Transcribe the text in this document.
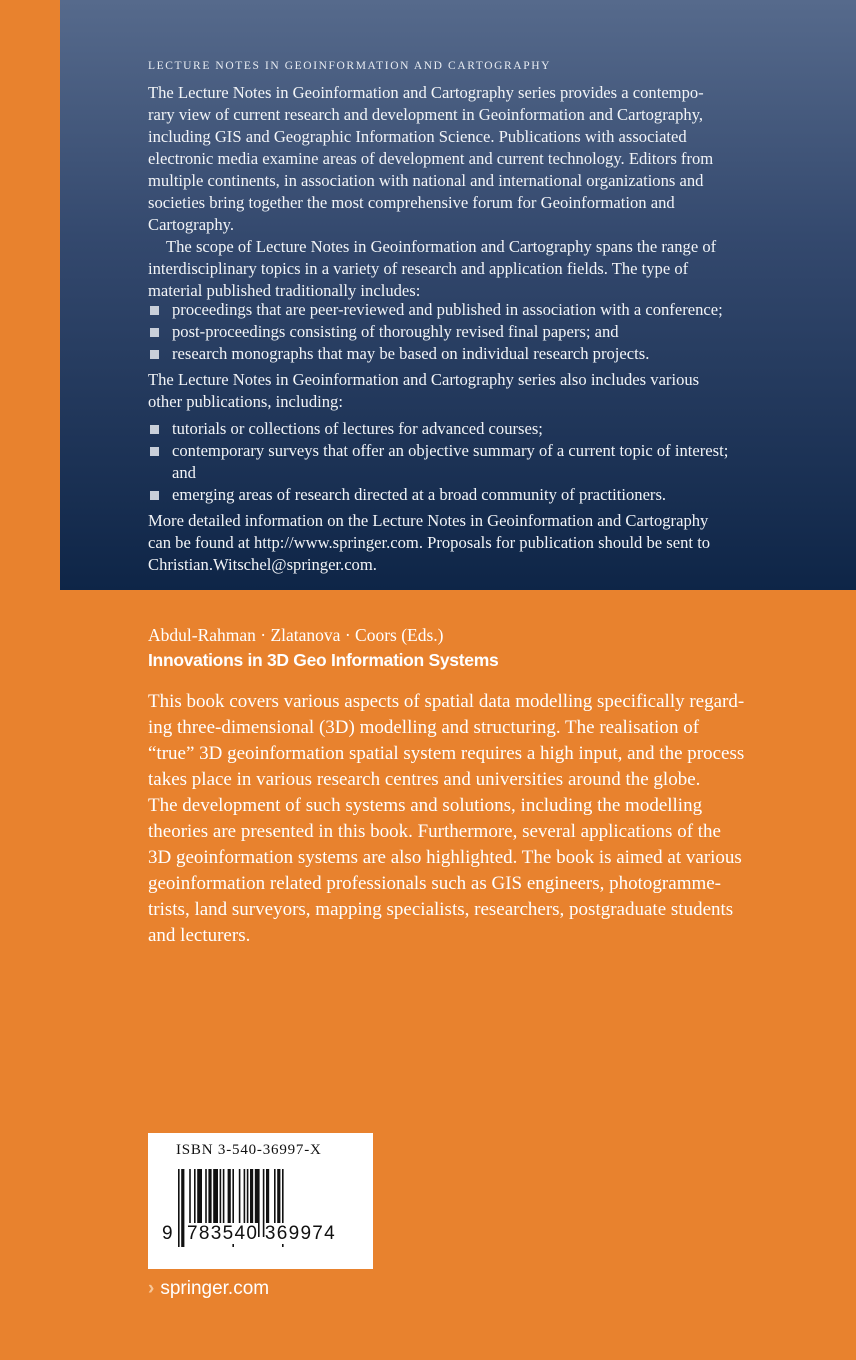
LECTURE NOTES IN GEOINFORMATION AND CARTOGRAPHY
The Lecture Notes in Geoinformation and Cartography series provides a contempo-
rary view of current research and development in Geoinformation and Cartography,
including GIS and Geographic Information Science. Publications with associated
electronic media examine areas of development and current technology. Editors from
multiple continents, in association with national and international organizations and
societies bring together the most comprehensive forum for Geoinformation and
Cartography.
The scope of Lecture Notes in Geoinformation and Cartography spans the range of
interdisciplinary topics in a variety of research and application fields. The type of
material published traditionally includes:
proceedings that are peer-reviewed and published in association with a conference;
post-proceedings consisting of thoroughly revised final papers; and
research monographs that may be based on individual research projects.
The Lecture Notes in Geoinformation and Cartography series also includes various
other publications, including:
tutorials or collections of lectures for advanced courses;
contemporary surveys that offer an objective summary of a current topic of interest;
and
emerging areas of research directed at a broad community of practitioners.
More detailed information on the Lecture Notes in Geoinformation and Cartography
can be found at http://www.springer.com. Proposals for publication should be sent to
Christian.Witschel@springer.com.
Abdul-Rahman · Zlatanova · Coors (Eds.)
Innovations in 3D Geo Information Systems
This book covers various aspects of spatial data modelling specifically regard-
ing three-dimensional (3D) modelling and structuring. The realisation of
“true” 3D geoinformation spatial system requires a high input, and the process
takes place in various research centres and universities around the globe.
The development of such systems and solutions, including the modelling
theories are presented in this book. Furthermore, several applications of the
3D geoinformation systems are also highlighted. The book is aimed at various
geoinformation related professionals such as GIS engineers, photogramme-
trists, land surveyors, mapping specialists, researchers, postgraduate students
and lecturers.
ISBN 3-540-36997-X
9 783540 369974
› springer.com
